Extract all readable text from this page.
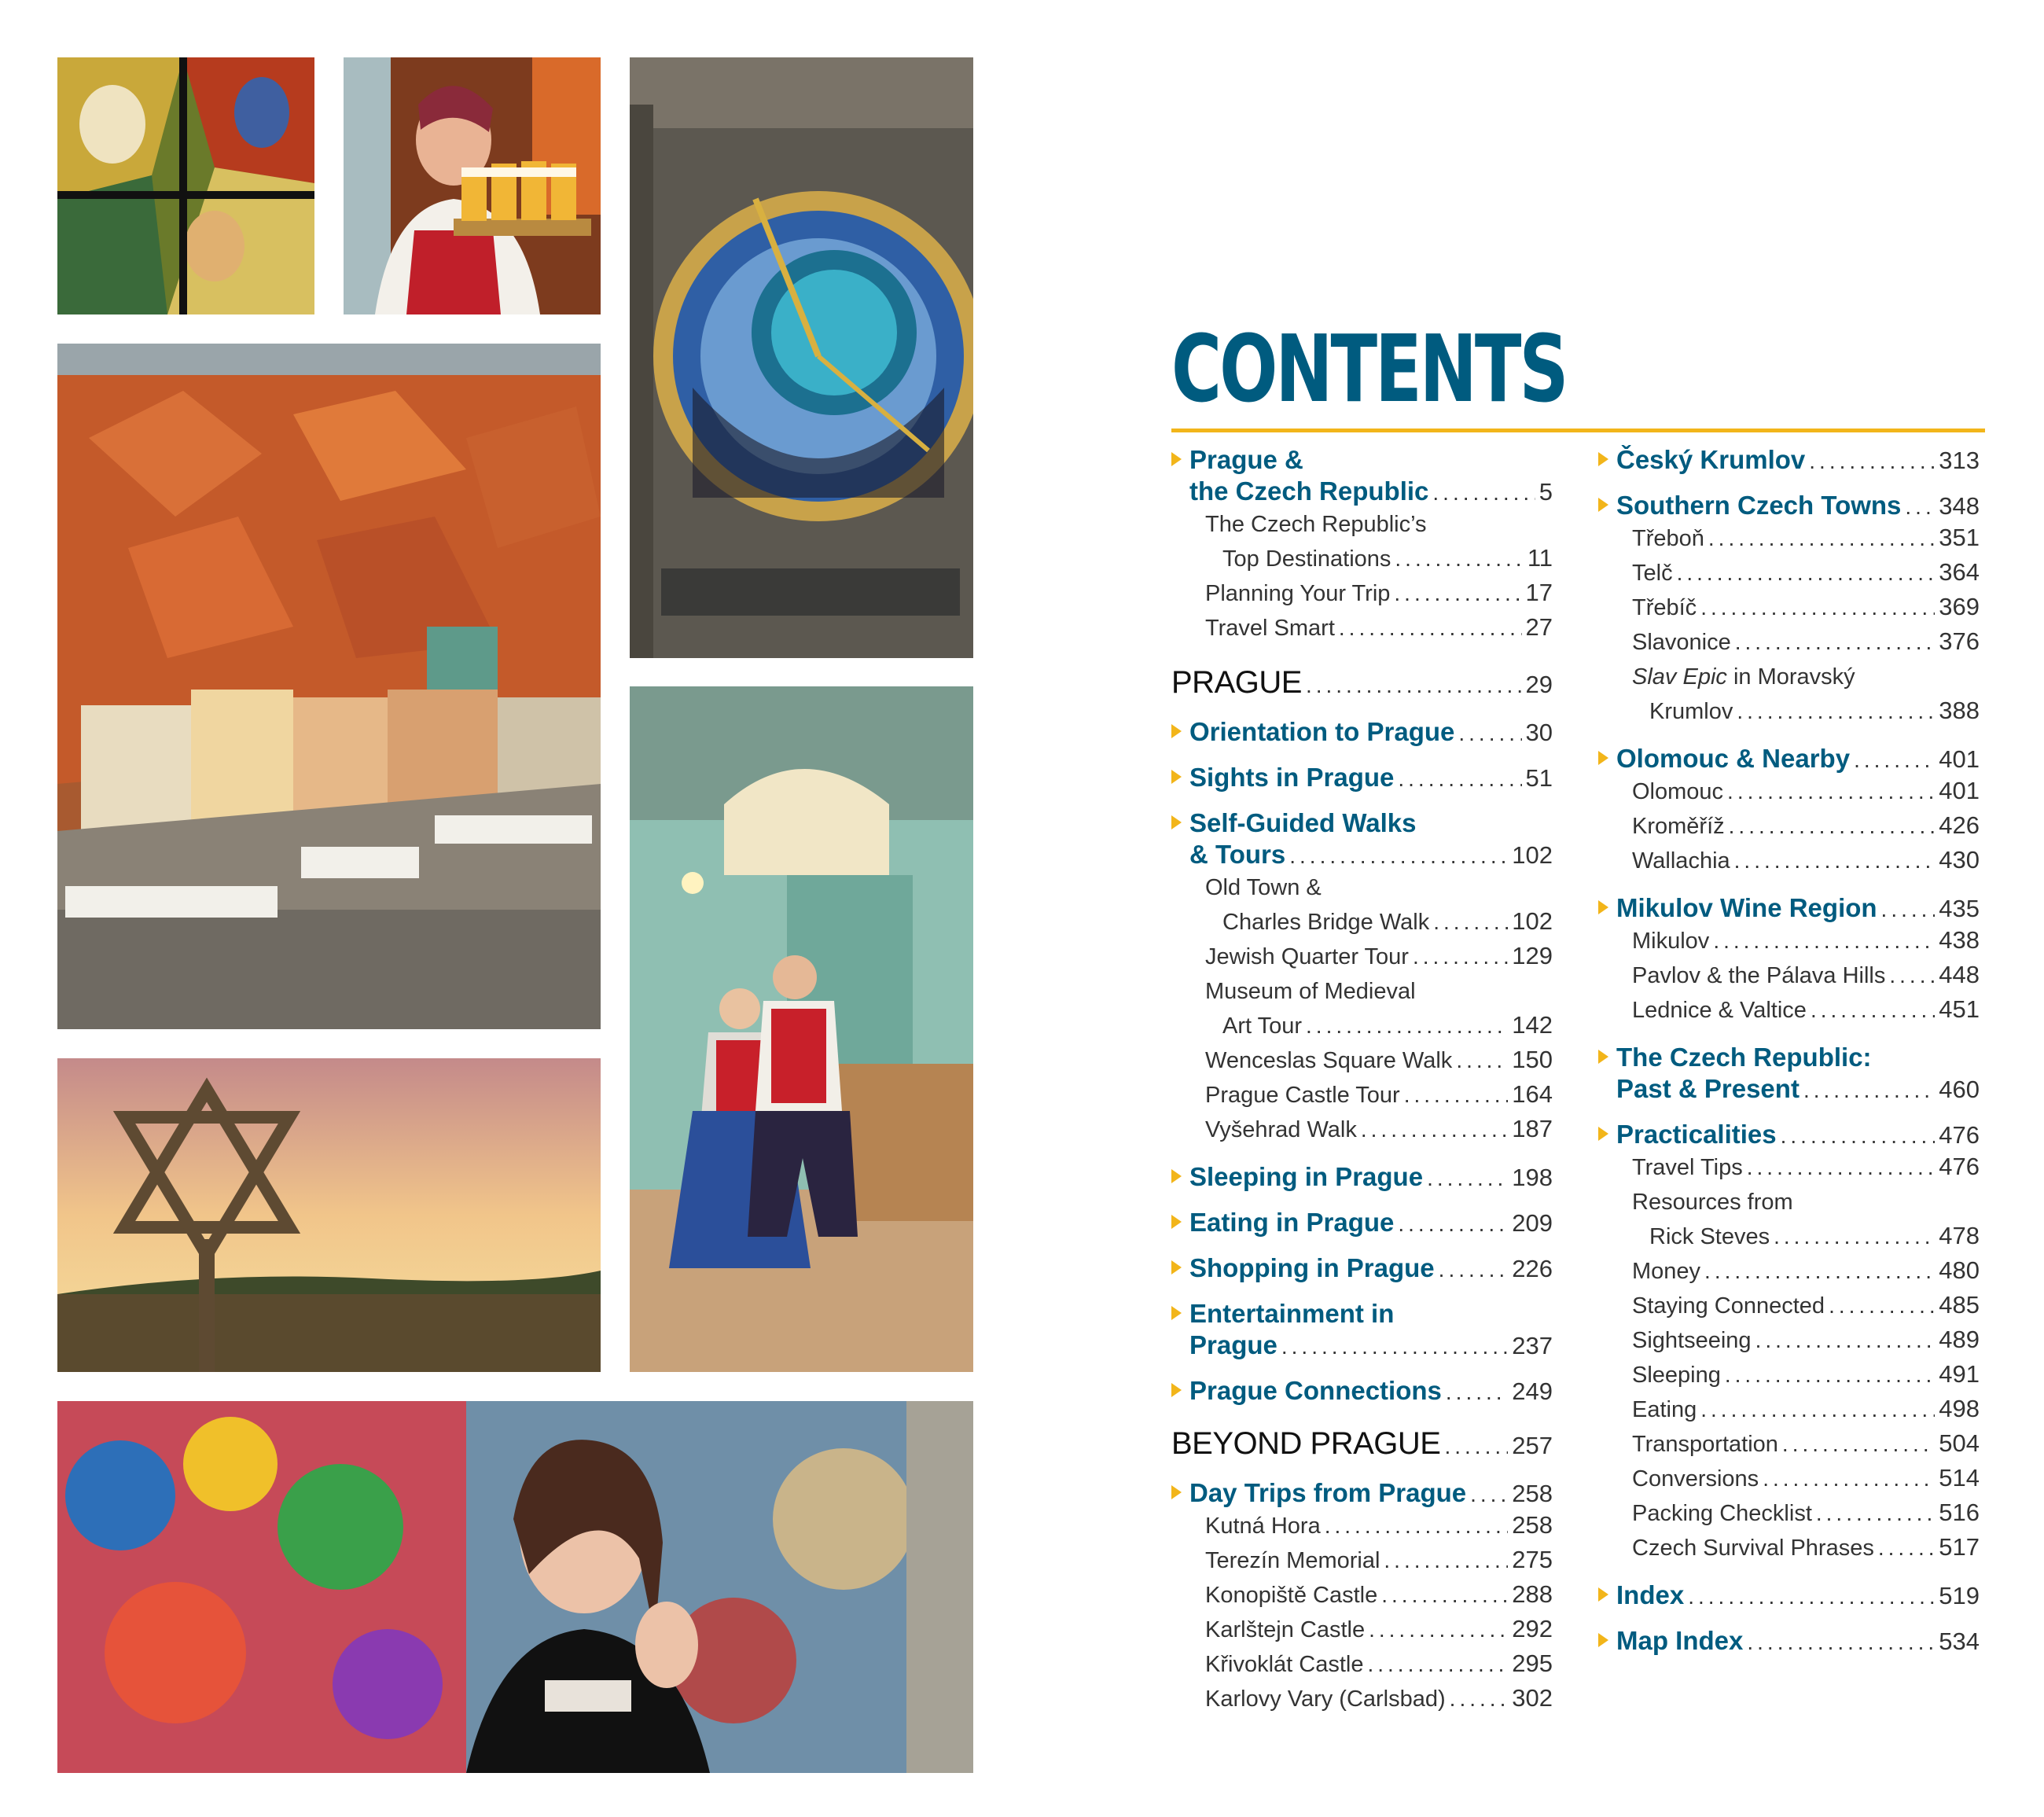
CONTENTS
Prague &
the Czech Republic .....	5
The Czech Republic’s
Top Destinations .....	11
Planning Your Trip .....	17
Travel Smart .....	27
PRAGUE .....	29
Orientation to Prague .....	30
Sights in Prague .....	51
Self-Guided Walks
& Tours .....	102
Old Town &
Charles Bridge Walk .....	102
Jewish Quarter Tour .....	129
Museum of Medieval
Art Tour .....	142
Wenceslas Square Walk ..... 150
Prague Castle Tour .....	164
Vyšehrad Walk .....	187
Sleeping in Prague .....	198
Eating in Prague .....	209
Shopping in Prague .....	226
Entertainment in
Prague .....	237
Prague Connections .....	249
BEYOND PRAGUE .....	257
Day Trips from Prague ..... 258
Kutná Hora .....	258
Terezín Memorial .....	275
Konopiště Castle .....	288
Karlštejn Castle .....	292
Křivoklát Castle .....	295
Karlovy Vary (Carlsbad) .....	302
Český Krumlov .....	313
Southern Czech Towns ..... 348
Třeboň .....	351
Telč .....	364
Třebíč .....	369
Slavonice .....	376
Slav Epic in Moravský
Krumlov .....	388
Olomouc & Nearby .....	401
Olomouc .....	401
Kroměříž .....	426
Wallachia .....	430
Mikulov Wine Region .....	435
Mikulov .....	438
Pavlov & the Pálava Hills ..... 448
Lednice & Valtice .....	451
The Czech Republic:
Past & Present .....	460
Practicalities .....	476
Travel Tips .....	476
Resources from
Rick Steves .....	478
Money .....	480
Staying Connected .....	485
Sightseeing .....	489
Sleeping .....	491
Eating .....	498
Transportation .....	504
Conversions .....	514
Packing Checklist .....	516
Czech Survival Phrases .....	517
Index .....	519
Map Index .....	534
